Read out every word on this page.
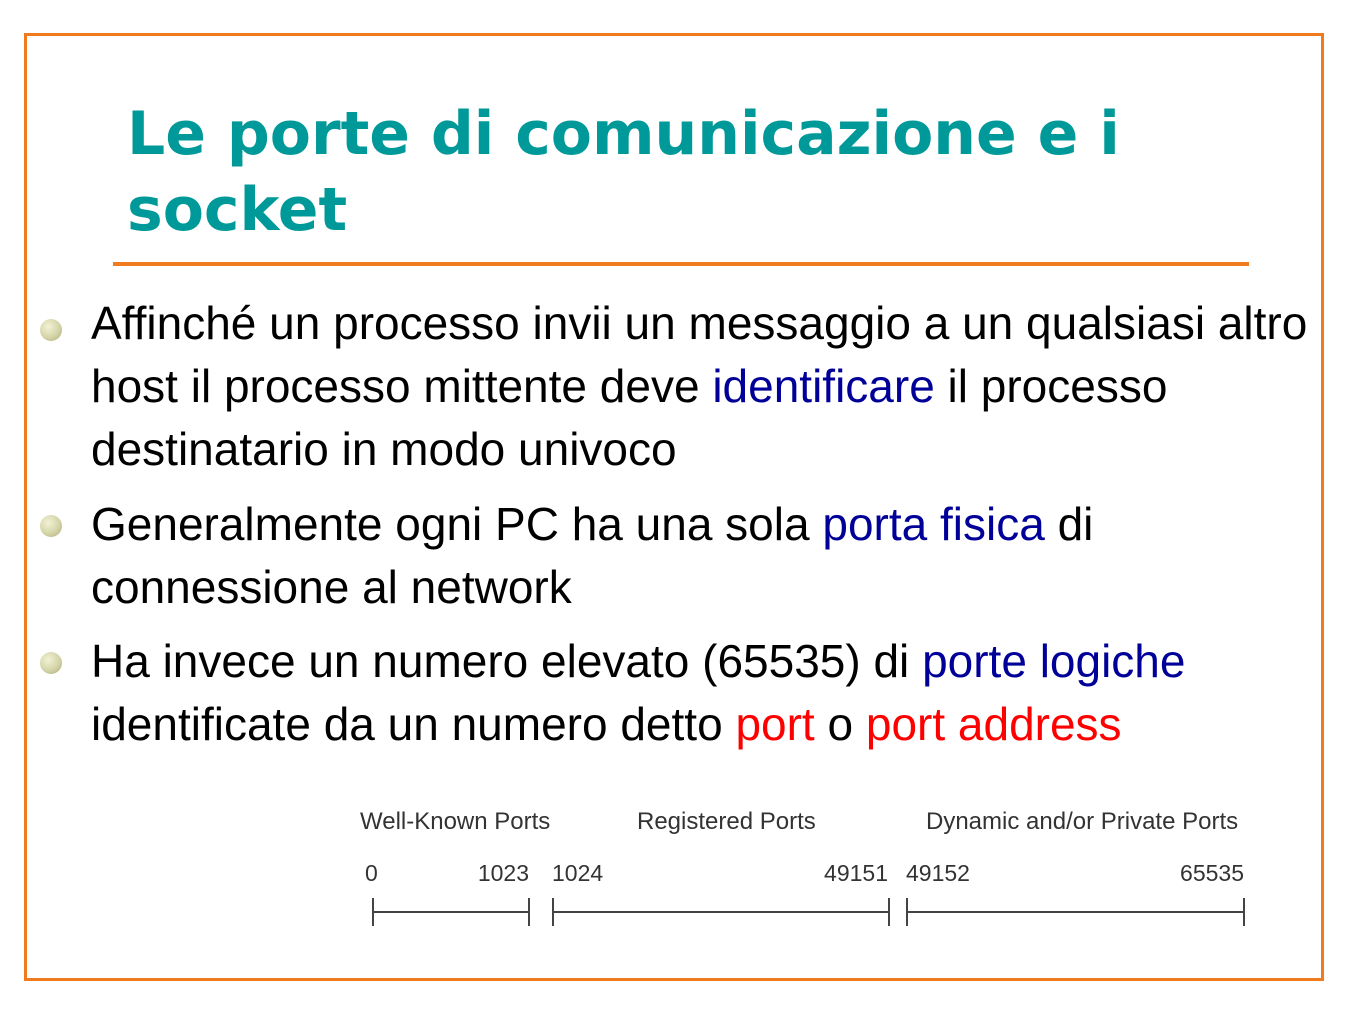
Le porte di comunicazione e i socket
Affinché un processo invii un messaggio a un qualsiasi altro host il processo mittente deve identificare il processo destinatario in modo univoco
Generalmente ogni PC ha una sola porta fisica di connessione al network
Ha invece un numero elevato (65535) di porte logiche identificate da un numero detto port o port address
Well-Known Ports
0	1023
Registered Ports
1024	49151
Dynamic and/or Private Ports
49152	65535
